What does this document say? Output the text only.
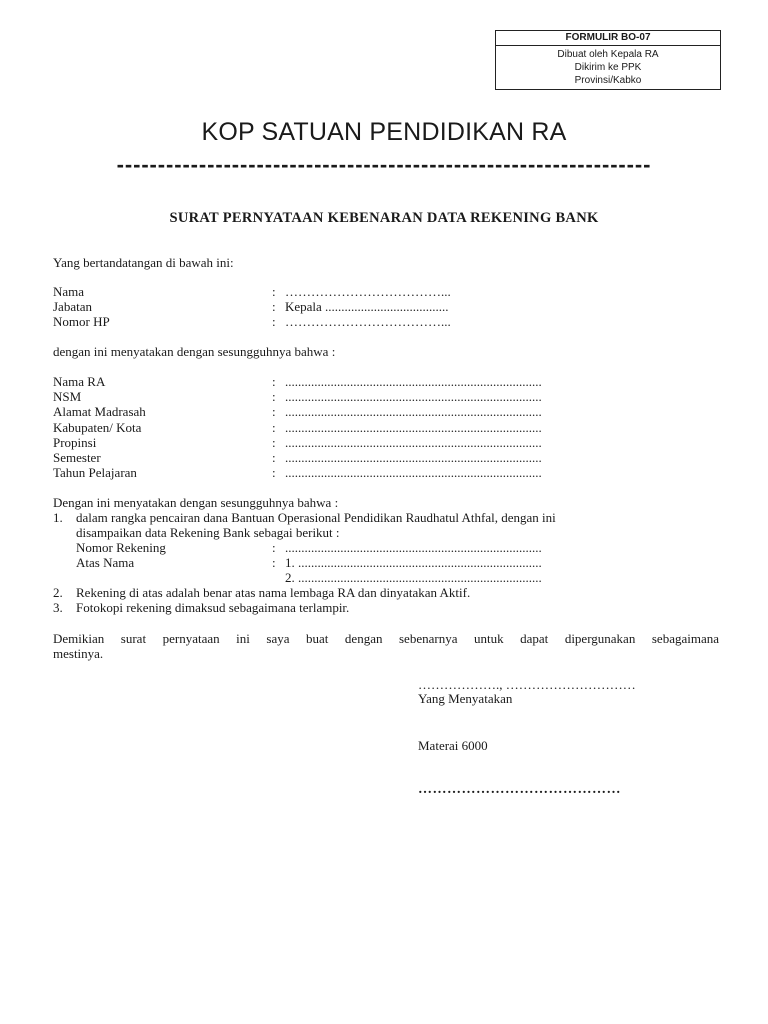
FORMULIR BO-07
Dibuat oleh Kepala RA
Dikirim ke PPK
Provinsi/Kabko
KOP SATUAN PENDIDIKAN RA
-----------------------------------------------------------------
SURAT PERNYATAAN KEBENARAN DATA REKENING BANK
Yang bertandatangan di bawah ini:
Nama	: ………………………………...
Jabatan	: Kepala ......................................
Nomor HP	: ………………………………...
dengan ini menyatakan dengan sesungguhnya bahwa :
Nama RA	: ...............................................................................
NSM	: ...............................................................................
Alamat Madrasah	: ...............................................................................
Kabupaten/ Kota	: ...............................................................................
Propinsi	: ...............................................................................
Semester	: ...............................................................................
Tahun Pelajaran	: ...............................................................................
Dengan ini menyatakan dengan sesungguhnya bahwa :
1. dalam rangka pencairan dana Bantuan Operasional Pendidikan Raudhatul Athfal, dengan ini
disampaikan data Rekening Bank sebagai berikut :
Nomor Rekening	: ...............................................................................
Atas Nama	: 1. ...........................................................................
2. ...........................................................................
2. Rekening di atas adalah benar atas nama lembaga RA dan dinyatakan Aktif.
3. Fotokopi rekening dimaksud sebagaimana terlampir.
Demikian surat pernyataan ini saya buat dengan sebenarnya untuk dapat dipergunakan sebagaimana
mestinya.
………………., …………………………
Yang Menyatakan
Materai 6000
……………………………………
